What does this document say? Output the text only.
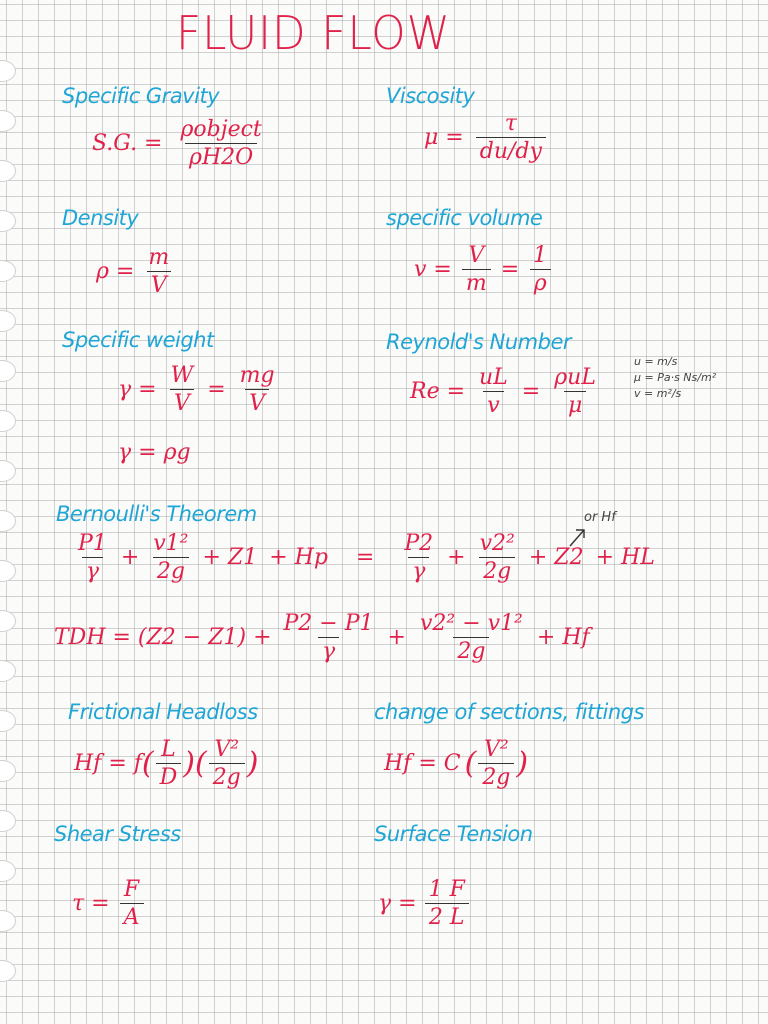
FLUID FLOW
Specific Gravity
S.G. = $\frac{\text{ρobject}}{\rho H2O}$
Viscosity
$\mu = \frac{\tau}{du/dy}$
Density
$\rho = \frac{m}{V}$
specific volume
$v = \frac{V}{m} = \frac{1}{\rho}$
Specific weight
$\gamma = \frac{W}{V} = \frac{mg}{V}$
γ = ρg
Reynold's Number
$Re = \frac{uL}{v} = \frac{\text{ρuL}}{\mu}$
u = m/s
μ = Pa·s Ns/m²
v = m²/s
Bernoulli's Theorem
$\frac{P1}{\gamma} + \frac{\text{v1²}}{2g} + Z1 + Hp = \frac{P2}{\gamma} + \frac{\text{v2²}}{2g} + Z2$ + HL
or Hf
TDH = $(Z2 - Z1) + \frac{P2 - P1}{\gamma} + \frac{\text{v2² − v1²}}{2g} + Hf$
Frictional Headloss
Hf = f ( $\frac{L}{D}$ ) ( $\frac{\text{V²}}{2g}$ )
change of sections, fittings
Hf = C ( $\frac{\text{V²}}{2g}$ )
Shear Stress
$\tau = \frac{F}{A}$
Surface Tension
$\gamma = \frac{1 F}{2 L}$
